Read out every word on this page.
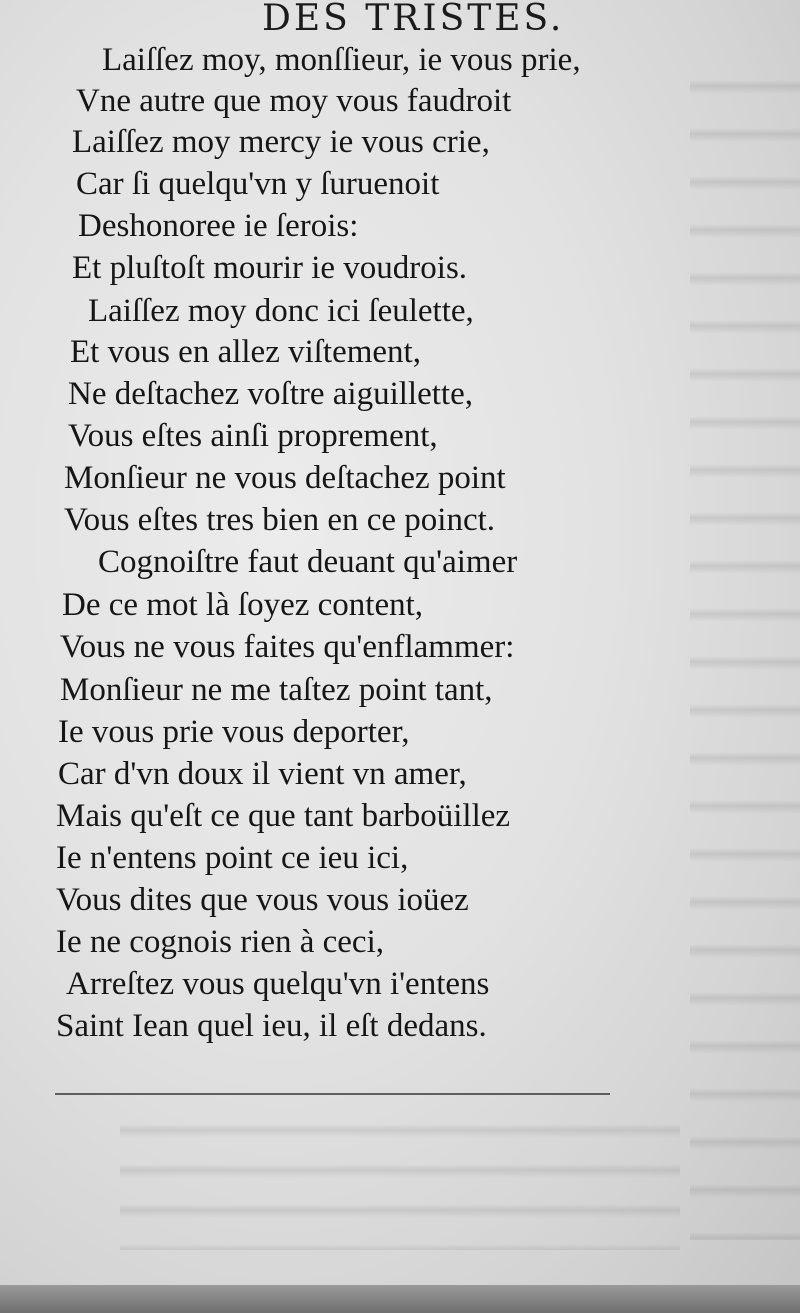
DES TRISTES.
Laiſſez moy, monſſieur, ie vous prie,
Vne autre que moy vous faudroit
Laiſſez moy mercy ie vous crie,
Car ſi quelqu'vn y ſuruenoit
Deshonoree ie ſerois:
Et pluſtoſt mourir ie voudrois.
Laiſſez moy donc ici ſeulette,
Et vous en allez viſtement,
Ne deſtachez voſtre aiguillette,
Vous eſtes ainſi proprement,
Monſieur ne vous deſtachez point
Vous eſtes tres bien en ce poinct.
Cognoiſtre faut deuant qu'aimer
De ce mot là ſoyez content,
Vous ne vous faites qu'enflammer:
Monſieur ne me taſtez point tant,
Ie vous prie vous deporter,
Car d'vn doux il vient vn amer,
Mais qu'eſt ce que tant barboüillez
Ie n'entens point ce ieu ici,
Vous dites que vous vous ioüez
Ie ne cognois rien à ceci,
Arreſtez vous quelqu'vn i'entens
Saint Iean quel ieu, il eſt dedans.
